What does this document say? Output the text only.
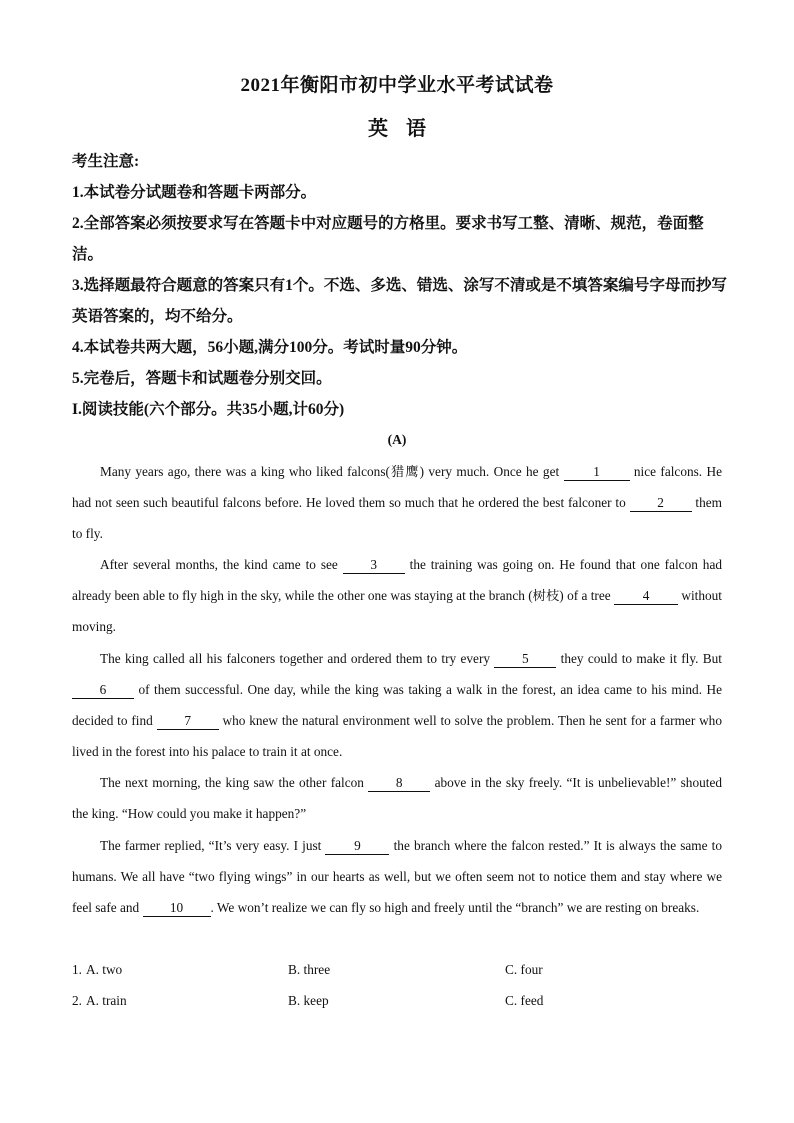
2021年衡阳市初中学业水平考试试卷
英语
考生注意:
1.本试卷分试题卷和答题卡两部分。
2.全部答案必须按要求写在答题卡中对应题号的方格里。要求书写工整、清晰、规范，卷面整洁。
3.选择题最符合题意的答案只有1个。不选、多选、错选、涂写不清或是不填答案编号字母而抄写英语答案的，均不给分。
4.本试卷共两大题，56小题,满分100分。考试时量90分钟。
5.完卷后，答题卡和试题卷分别交回。
I.阅读技能(六个部分。共35小题,计60分)
(A)
Many years ago, there was a king who liked falcons(猎鹰) very much. Once he get 1 nice falcons. He had not seen such beautiful falcons before. He loved them so much that he ordered the best falconer to 2 them to fly.
After several months, the kind came to see 3 the training was going on. He found that one falcon had already been able to fly high in the sky, while the other one was staying at the branch (树枝) of a tree 4 without moving.
The king called all his falconers together and ordered them to try every 5 they could to make it fly. But 6 of them successful. One day, while the king was taking a walk in the forest, an idea came to his mind. He decided to find 7 who knew the natural environment well to solve the problem. Then he sent for a farmer who lived in the forest into his palace to train it at once.
The next morning, the king saw the other falcon 8 above in the sky freely. “It is unbelievable!” shouted the king. “How could you make it happen?”
The farmer replied, “It’s very easy. I just 9 the branch where the falcon rested.” It is always the same to humans. We all have “two flying wings” in our hearts as well, but we often seem not to notice them and stay where we feel safe and 10 . We won’t realize we can fly so high and freely until the “branch” we are resting on breaks.
1. A. two	B. three	C. four
2. A. train	B. keep	C. feed
